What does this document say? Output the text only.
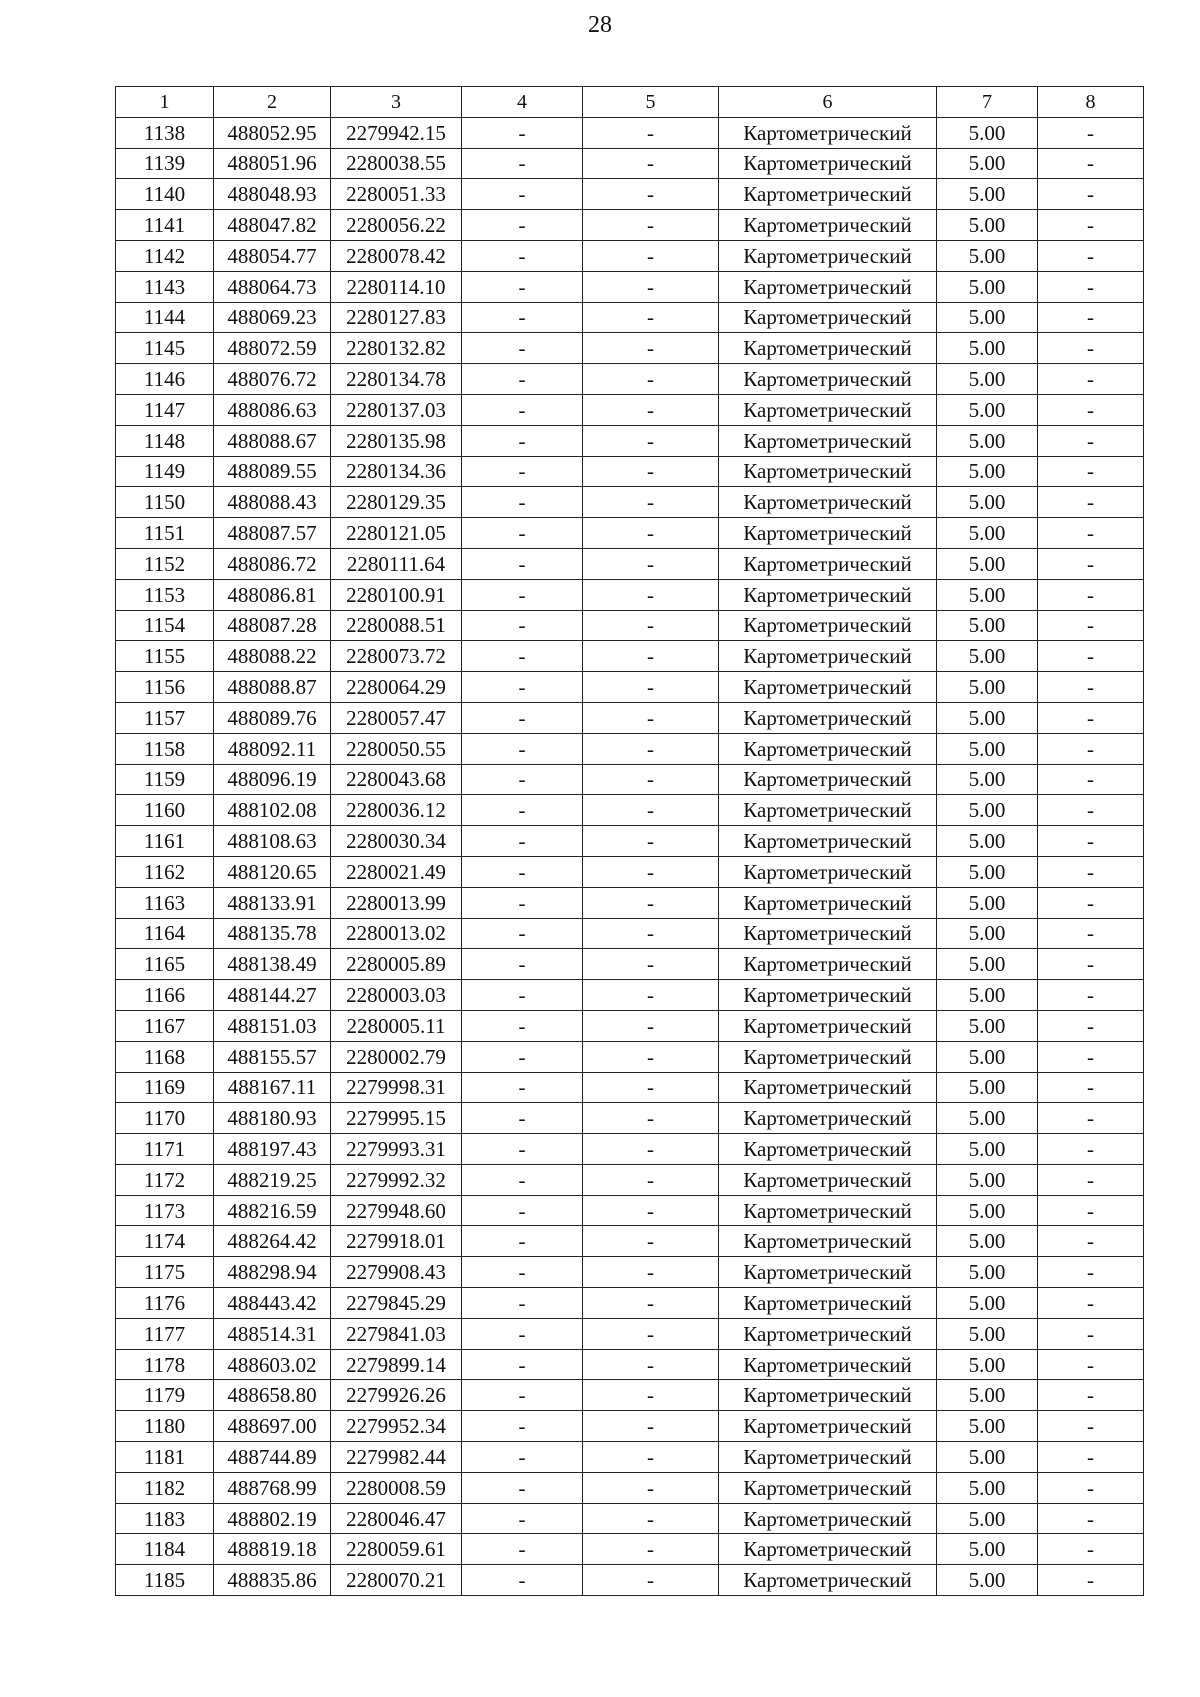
28
1	2	3	4	5	6	7	8
1138	488052.95	2279942.15	-	-	Картометрический	5.00	-
1139	488051.96	2280038.55	-	-	Картометрический	5.00	-
1140	488048.93	2280051.33	-	-	Картометрический	5.00	-
1141	488047.82	2280056.22	-	-	Картометрический	5.00	-
1142	488054.77	2280078.42	-	-	Картометрический	5.00	-
1143	488064.73	2280114.10	-	-	Картометрический	5.00	-
1144	488069.23	2280127.83	-	-	Картометрический	5.00	-
1145	488072.59	2280132.82	-	-	Картометрический	5.00	-
1146	488076.72	2280134.78	-	-	Картометрический	5.00	-
1147	488086.63	2280137.03	-	-	Картометрический	5.00	-
1148	488088.67	2280135.98	-	-	Картометрический	5.00	-
1149	488089.55	2280134.36	-	-	Картометрический	5.00	-
1150	488088.43	2280129.35	-	-	Картометрический	5.00	-
1151	488087.57	2280121.05	-	-	Картометрический	5.00	-
1152	488086.72	2280111.64	-	-	Картометрический	5.00	-
1153	488086.81	2280100.91	-	-	Картометрический	5.00	-
1154	488087.28	2280088.51	-	-	Картометрический	5.00	-
1155	488088.22	2280073.72	-	-	Картометрический	5.00	-
1156	488088.87	2280064.29	-	-	Картометрический	5.00	-
1157	488089.76	2280057.47	-	-	Картометрический	5.00	-
1158	488092.11	2280050.55	-	-	Картометрический	5.00	-
1159	488096.19	2280043.68	-	-	Картометрический	5.00	-
1160	488102.08	2280036.12	-	-	Картометрический	5.00	-
1161	488108.63	2280030.34	-	-	Картометрический	5.00	-
1162	488120.65	2280021.49	-	-	Картометрический	5.00	-
1163	488133.91	2280013.99	-	-	Картометрический	5.00	-
1164	488135.78	2280013.02	-	-	Картометрический	5.00	-
1165	488138.49	2280005.89	-	-	Картометрический	5.00	-
1166	488144.27	2280003.03	-	-	Картометрический	5.00	-
1167	488151.03	2280005.11	-	-	Картометрический	5.00	-
1168	488155.57	2280002.79	-	-	Картометрический	5.00	-
1169	488167.11	2279998.31	-	-	Картометрический	5.00	-
1170	488180.93	2279995.15	-	-	Картометрический	5.00	-
1171	488197.43	2279993.31	-	-	Картометрический	5.00	-
1172	488219.25	2279992.32	-	-	Картометрический	5.00	-
1173	488216.59	2279948.60	-	-	Картометрический	5.00	-
1174	488264.42	2279918.01	-	-	Картометрический	5.00	-
1175	488298.94	2279908.43	-	-	Картометрический	5.00	-
1176	488443.42	2279845.29	-	-	Картометрический	5.00	-
1177	488514.31	2279841.03	-	-	Картометрический	5.00	-
1178	488603.02	2279899.14	-	-	Картометрический	5.00	-
1179	488658.80	2279926.26	-	-	Картометрический	5.00	-
1180	488697.00	2279952.34	-	-	Картометрический	5.00	-
1181	488744.89	2279982.44	-	-	Картометрический	5.00	-
1182	488768.99	2280008.59	-	-	Картометрический	5.00	-
1183	488802.19	2280046.47	-	-	Картометрический	5.00	-
1184	488819.18	2280059.61	-	-	Картометрический	5.00	-
1185	488835.86	2280070.21	-	-	Картометрический	5.00	-
